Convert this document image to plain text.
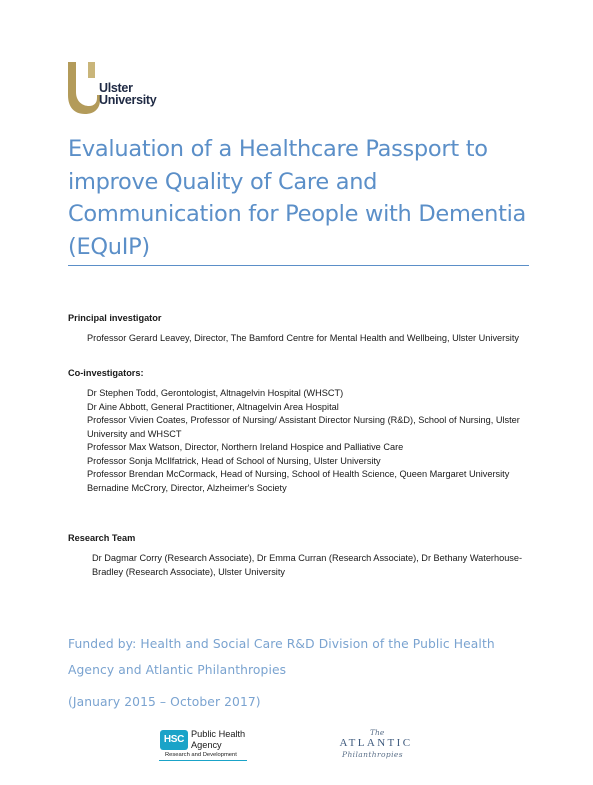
Ulster
University
Evaluation of a Healthcare Passport to improve Quality of Care and Communication for People with Dementia (EQuIP)
Principal investigator
Professor Gerard Leavey, Director, The Bamford Centre for Mental Health and Wellbeing, Ulster University
Co-investigators:
Dr Stephen Todd, Gerontologist, Altnagelvin Hospital (WHSCT)
Dr Aine Abbott, General Practitioner, Altnagelvin Area Hospital
Professor Vivien Coates, Professor of Nursing/ Assistant Director Nursing (R&D), School of Nursing, Ulster University and WHSCT
Professor Max Watson, Director, Northern Ireland Hospice and Palliative Care
Professor Sonja McIlfatrick, Head of School of Nursing, Ulster University
Professor Brendan McCormack, Head of Nursing, School of Health Science, Queen Margaret University
Bernadine McCrory, Director, Alzheimer's Society
Research Team
Dr Dagmar Corry (Research Associate), Dr Emma Curran (Research Associate), Dr Bethany Waterhouse-Bradley (Research Associate), Ulster University
Funded by: Health and Social Care R&D Division of the Public Health Agency and Atlantic Philanthropies
(January 2015 – October 2017)
HSC Public Health
Agency
Research and Development
The
ATLANTIC
Philanthropies
